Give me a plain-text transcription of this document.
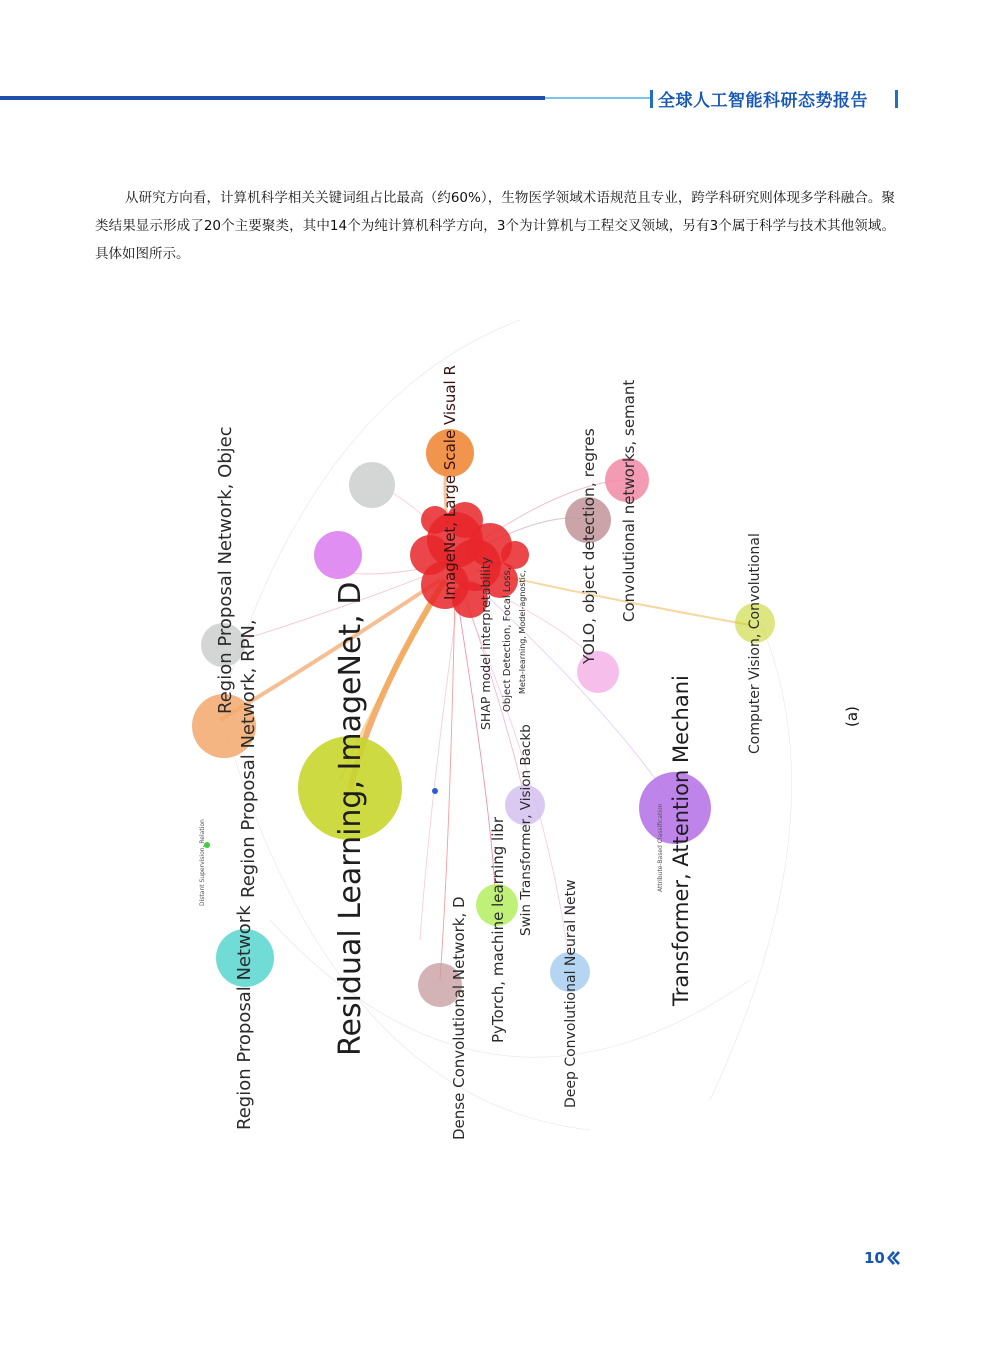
全球人工智能科研态势报告

从研究方向看，计算机科学相关关键词组占比最高（约60%），生物医学领域术语规范且专业，跨学科研究则体现多学科融合。聚类结果显示形成了20个主要聚类，其中14个为纯计算机科学方向，3个为计算机与工程交叉领域，另有3个属于科学与技术其他领域。具体如图所示。

Region Proposal Network, Objec
Region Proposal Network, RPN,
Distant Supervision, Relation
Region Proposal Network	Residual Learning, ImageNet, D
ImageNet, Large Scale Visual R
SHAP model interpretability Object Detection, Focal Loss, Meta-learning, Model-agnostic,
Swin Transformer, Vision Backb
Dense Convolutional Network, D PyTorch, machine learning libr	Deep Convolutional Neural Netw
YOLO, object detection, regres Convolutional networks, semant
Transformer, Attention Mechani
Attribute-Based Classification
Computer Vision, Convolutional	(a)
10
